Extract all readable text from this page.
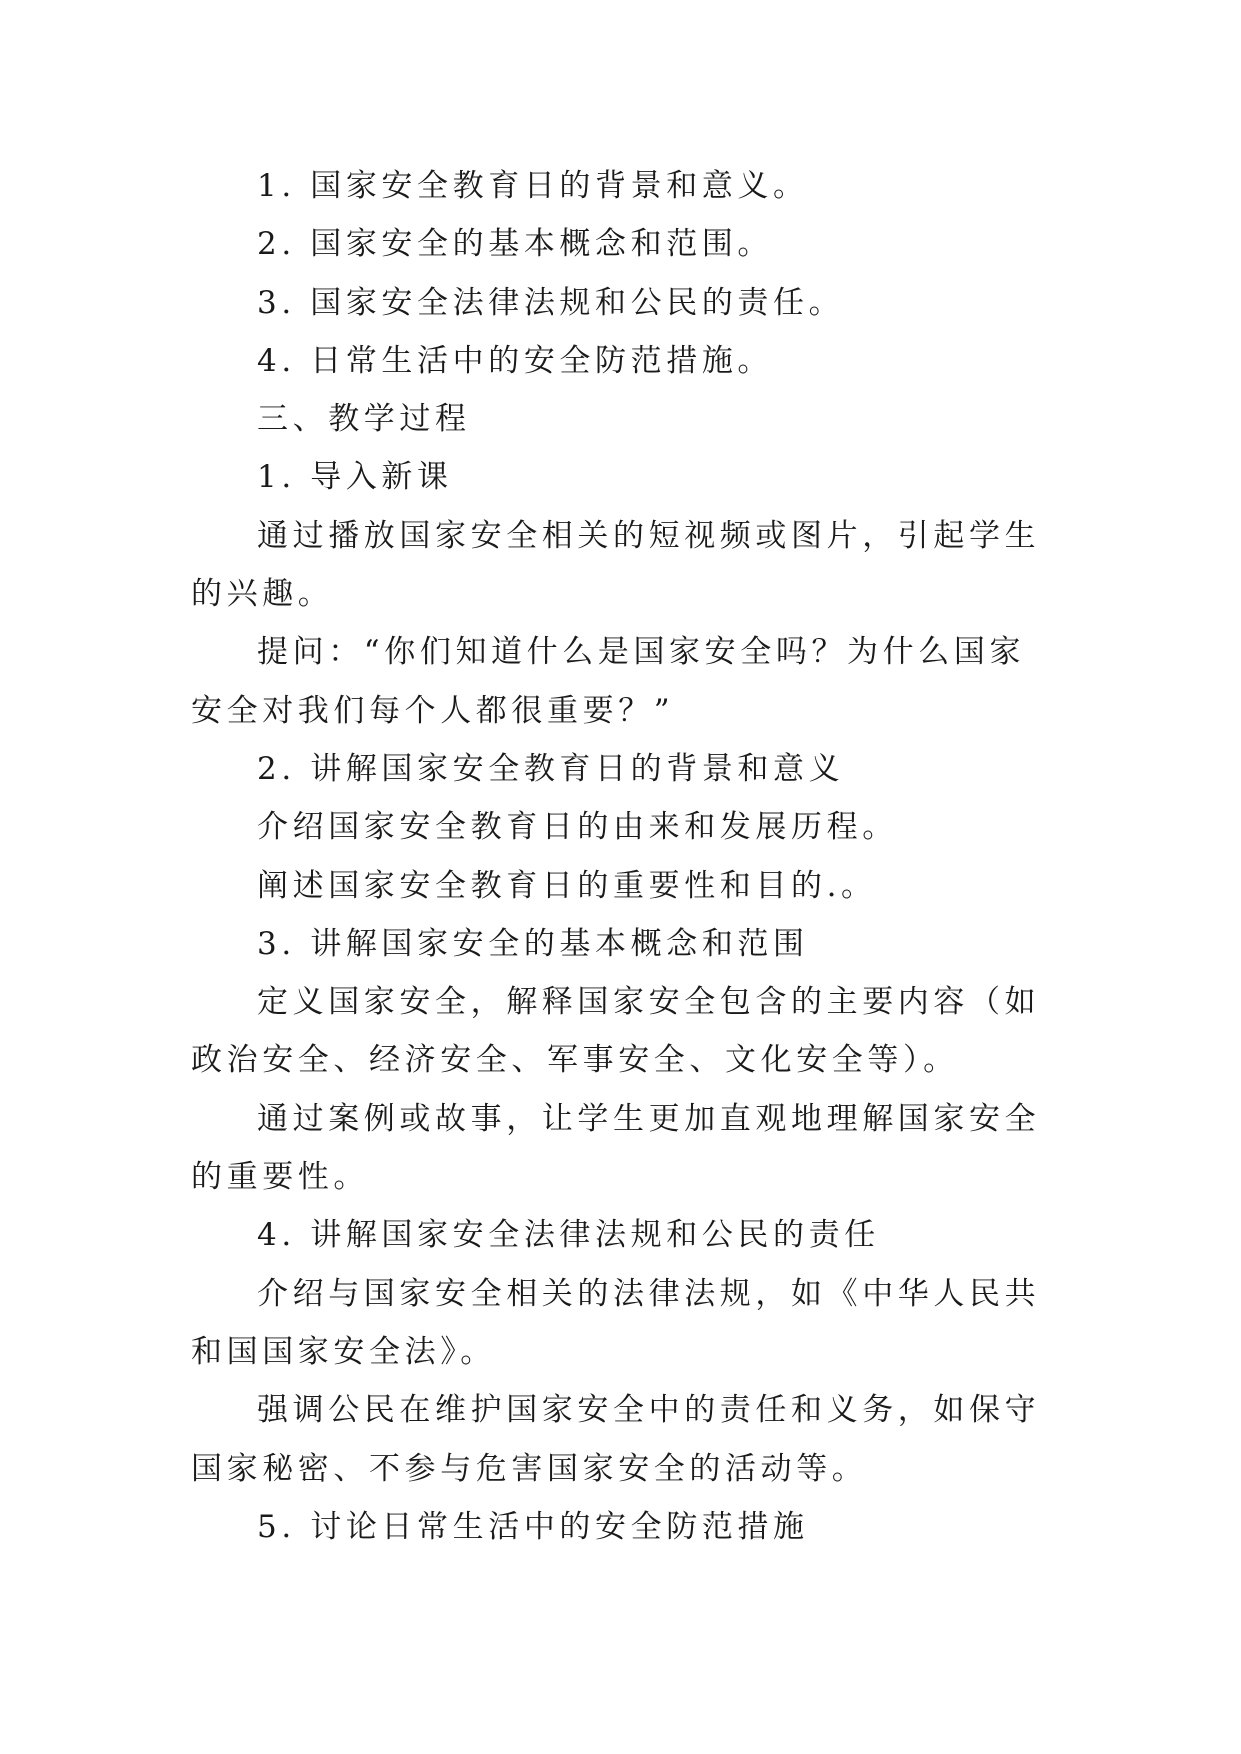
1. 国家安全教育日的背景和意义。

2. 国家安全的基本概念和范围。

3. 国家安全法律法规和公民的责任。

4. 日常生活中的安全防范措施。

三、教学过程

1. 导入新课

通过播放国家安全相关的短视频或图片，引起学生的兴趣。

提问：“你们知道什么是国家安全吗？为什么国家安全对我们每个人都很重要？”

2. 讲解国家安全教育日的背景和意义

介绍国家安全教育日的由来和发展历程。

阐述国家安全教育日的重要性和目的.。

3. 讲解国家安全的基本概念和范围

定义国家安全，解释国家安全包含的主要内容（如政治安全、经济安全、军事安全、文化安全等）。

通过案例或故事，让学生更加直观地理解国家安全的重要性。

4. 讲解国家安全法律法规和公民的责任

介绍与国家安全相关的法律法规，如《中华人民共和国国家安全法》。

强调公民在维护国家安全中的责任和义务，如保守国家秘密、不参与危害国家安全的活动等。

5. 讨论日常生活中的安全防范措施
